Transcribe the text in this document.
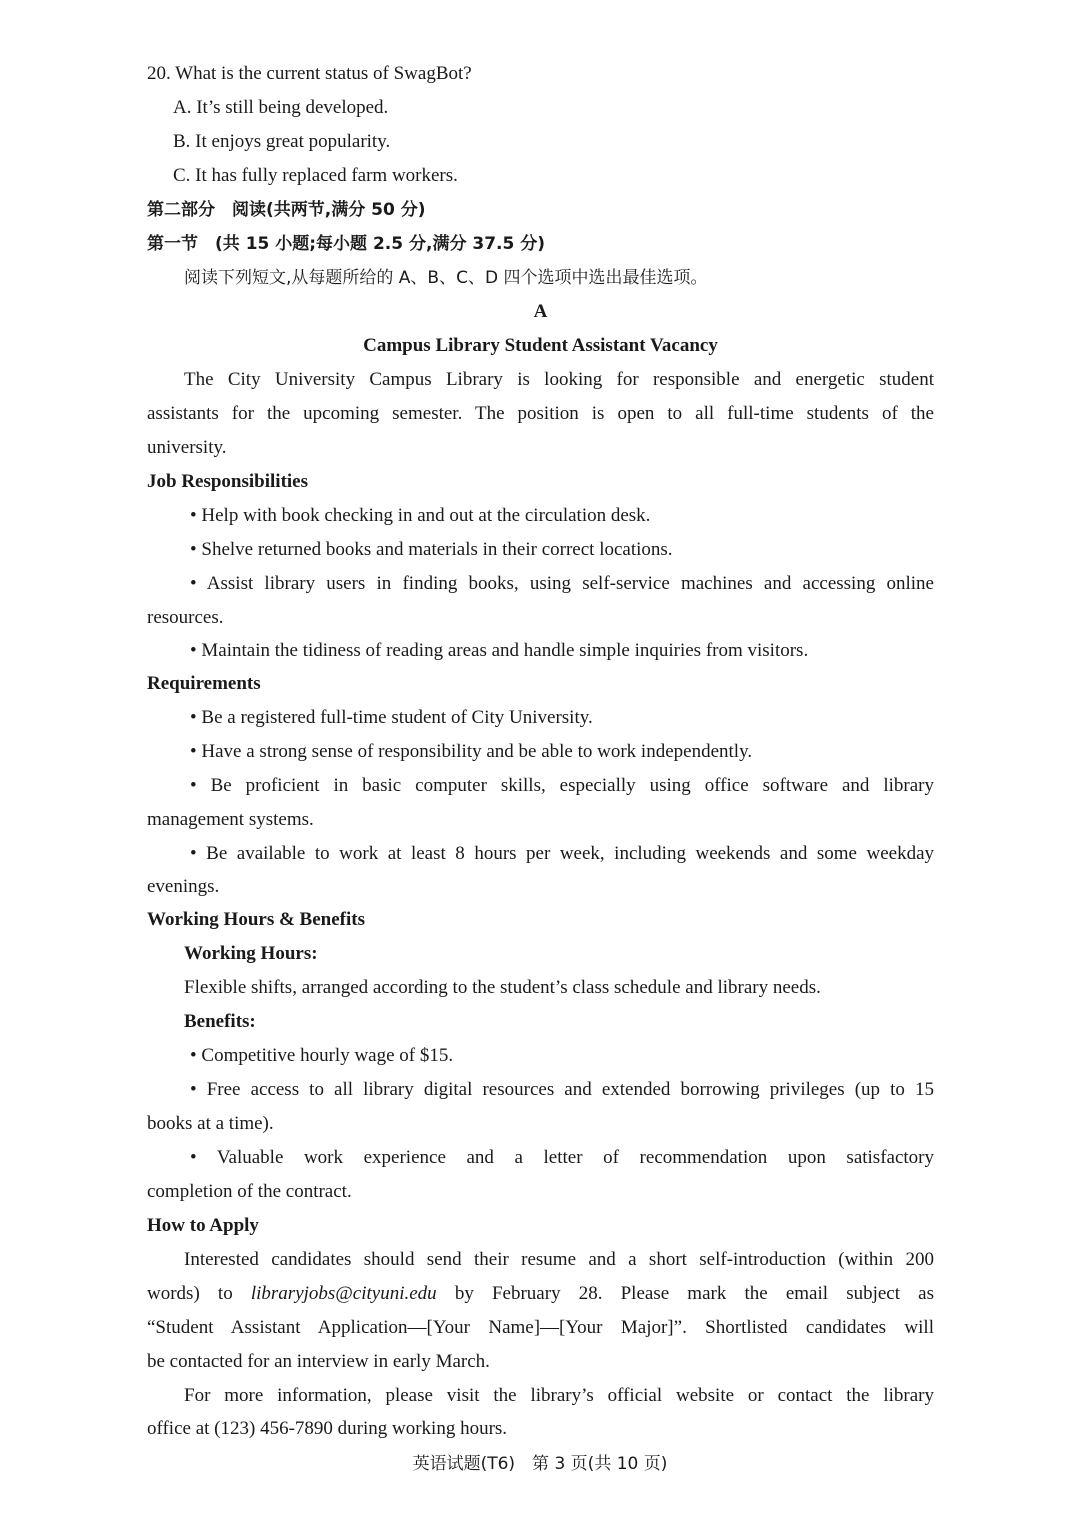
20. What is the current status of SwagBot?
A. It’s still being developed.
B. It enjoys great popularity.
C. It has fully replaced farm workers.
第二部分　阅读(共两节,满分 50 分)
第一节　(共 15 小题;每小题 2.5 分,满分 37.5 分)
阅读下列短文,从每题所给的 A、B、C、D 四个选项中选出最佳选项。
A
Campus Library Student Assistant Vacancy
The City University Campus Library is looking for responsible and energetic student
assistants for the upcoming semester. The position is open to all full-time students of the
university.
Job Responsibilities
• Help with book checking in and out at the circulation desk.
• Shelve returned books and materials in their correct locations.
• Assist library users in finding books, using self-service machines and accessing online
resources.
• Maintain the tidiness of reading areas and handle simple inquiries from visitors.
Requirements
• Be a registered full-time student of City University.
• Have a strong sense of responsibility and be able to work independently.
• Be proficient in basic computer skills, especially using office software and library
management systems.
• Be available to work at least 8 hours per week, including weekends and some weekday
evenings.
Working Hours & Benefits
Working Hours:
Flexible shifts, arranged according to the student’s class schedule and library needs.
Benefits:
• Competitive hourly wage of $15.
• Free access to all library digital resources and extended borrowing privileges (up to 15
books at a time).
• Valuable work experience and a letter of recommendation upon satisfactory
completion of the contract.
How to Apply
Interested candidates should send their resume and a short self-introduction (within 200
words) to libraryjobs@cityuni.edu by February 28. Please mark the email subject as
“Student Assistant Application—[Your Name]—[Your Major]”. Shortlisted candidates will
be contacted for an interview in early March.
For more information, please visit the library’s official website or contact the library
office at (123) 456-7890 during working hours.
英语试题(T6)　第 3 页(共 10 页)
